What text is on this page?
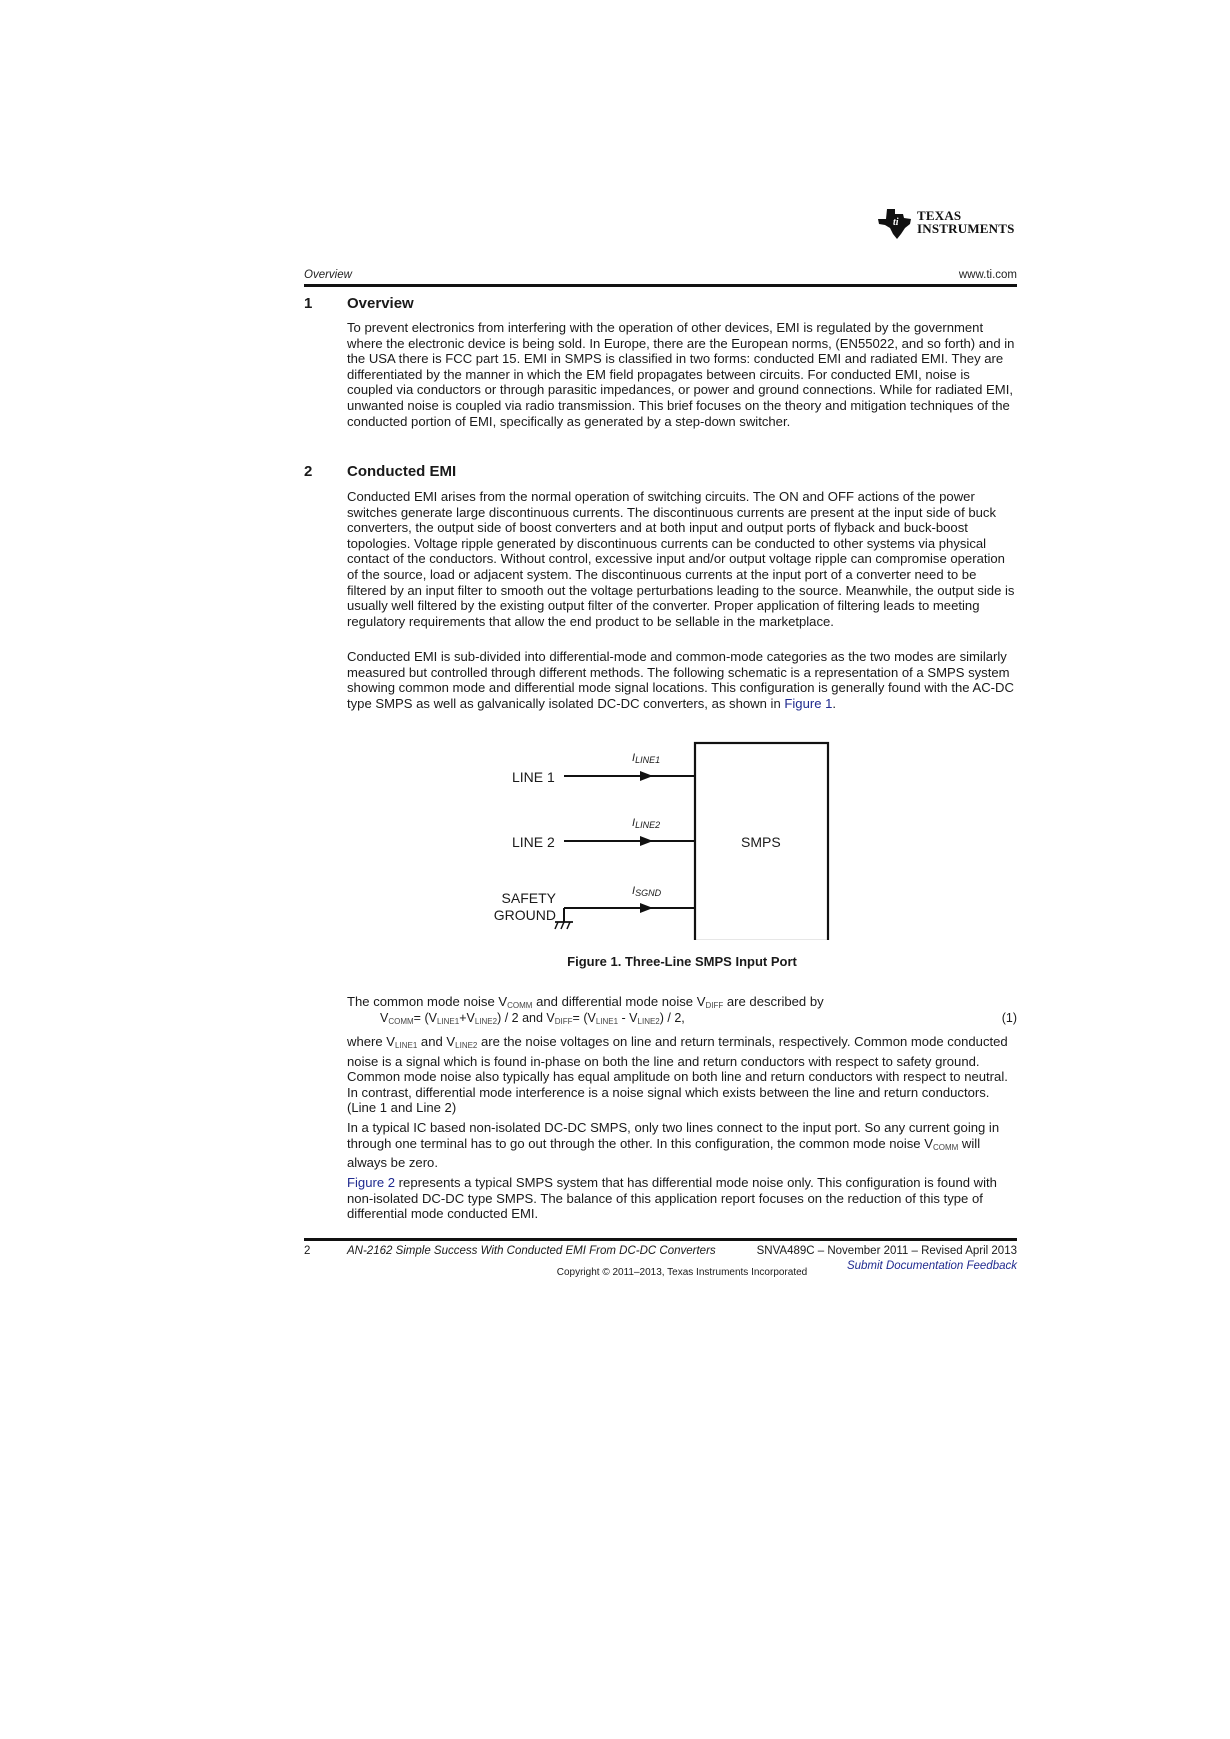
ti TEXAS
INSTRUMENTS
Overview	www.ti.com
1 Overview

To prevent electronics from interfering with the operation of other devices, EMI is regulated by the government where the electronic device is being sold. In Europe, there are the European norms, (EN55022, and so forth) and in the USA there is FCC part 15. EMI in SMPS is classified in two forms: conducted EMI and radiated EMI. They are differentiated by the manner in which the EM field propagates between circuits. For conducted EMI, noise is coupled via conductors or through parasitic impedances, or power and ground connections. While for radiated EMI, unwanted noise is coupled via radio transmission. This brief focuses on the theory and mitigation techniques of the conducted portion of EMI, specifically as generated by a step-down switcher.

2 Conducted EMI

Conducted EMI arises from the normal operation of switching circuits. The ON and OFF actions of the power switches generate large discontinuous currents. The discontinuous currents are present at the input side of buck converters, the output side of boost converters and at both input and output ports of flyback and buck-boost topologies. Voltage ripple generated by discontinuous currents can be conducted to other systems via physical contact of the conductors. Without control, excessive input and/or output voltage ripple can compromise operation of the source, load or adjacent system. The discontinuous currents at the input port of a converter need to be filtered by an input filter to smooth out the voltage perturbations leading to the source. Meanwhile, the output side is usually well filtered by the existing output filter of the converter. Proper application of filtering leads to meeting regulatory requirements that allow the end product to be sellable in the marketplace.

Conducted EMI is sub-divided into differential-mode and common-mode categories as the two modes are similarly measured but controlled through different methods. The following schematic is a representation of a SMPS system showing common mode and differential mode signal locations. This configuration is generally found with the AC-DC type SMPS as well as galvanically isolated DC-DC converters, as shown in Figure 1.

LINE 1
LINE 2
SAFETY
GROUND
SMPS
ILINE1
ILINE2
ISGND
Figure 1. Three-Line SMPS Input Port
The common mode noise $V_{COMM}$ and differential mode noise $V_{DIFF}$ are described by
$V_{COMM}= (V_{LINE1}+V_{LINE2}) / 2$ and $V_{DIFF}= (V_{LINE1} - V_{LINE2}) / 2$,	(1)
where $V_{LINE1}$ and $V_{LINE2}$ are the noise voltages on line and return terminals, respectively. Common mode conducted noise is a signal which is found in-phase on both the line and return conductors with respect to safety ground. Common mode noise also typically has equal amplitude on both line and return conductors with respect to neutral. In contrast, differential mode interference is a noise signal which exists between the line and return conductors. (Line 1 and Line 2)
In a typical IC based non-isolated DC-DC SMPS, only two lines connect to the input port. So any current going in through one terminal has to go out through the other. In this configuration, the common mode noise $V_{COMM}$ will always be zero.
Figure 2 represents a typical SMPS system that has differential mode noise only. This configuration is found with non-isolated DC-DC type SMPS. The balance of this application report focuses on the reduction of this type of differential mode conducted EMI.
2	AN-2162 Simple Success With Conducted EMI From DC-DC Converters	SNVA489C – November 2011 – Revised April 2013
Submit Documentation Feedback
Copyright © 2011–2013, Texas Instruments Incorporated
